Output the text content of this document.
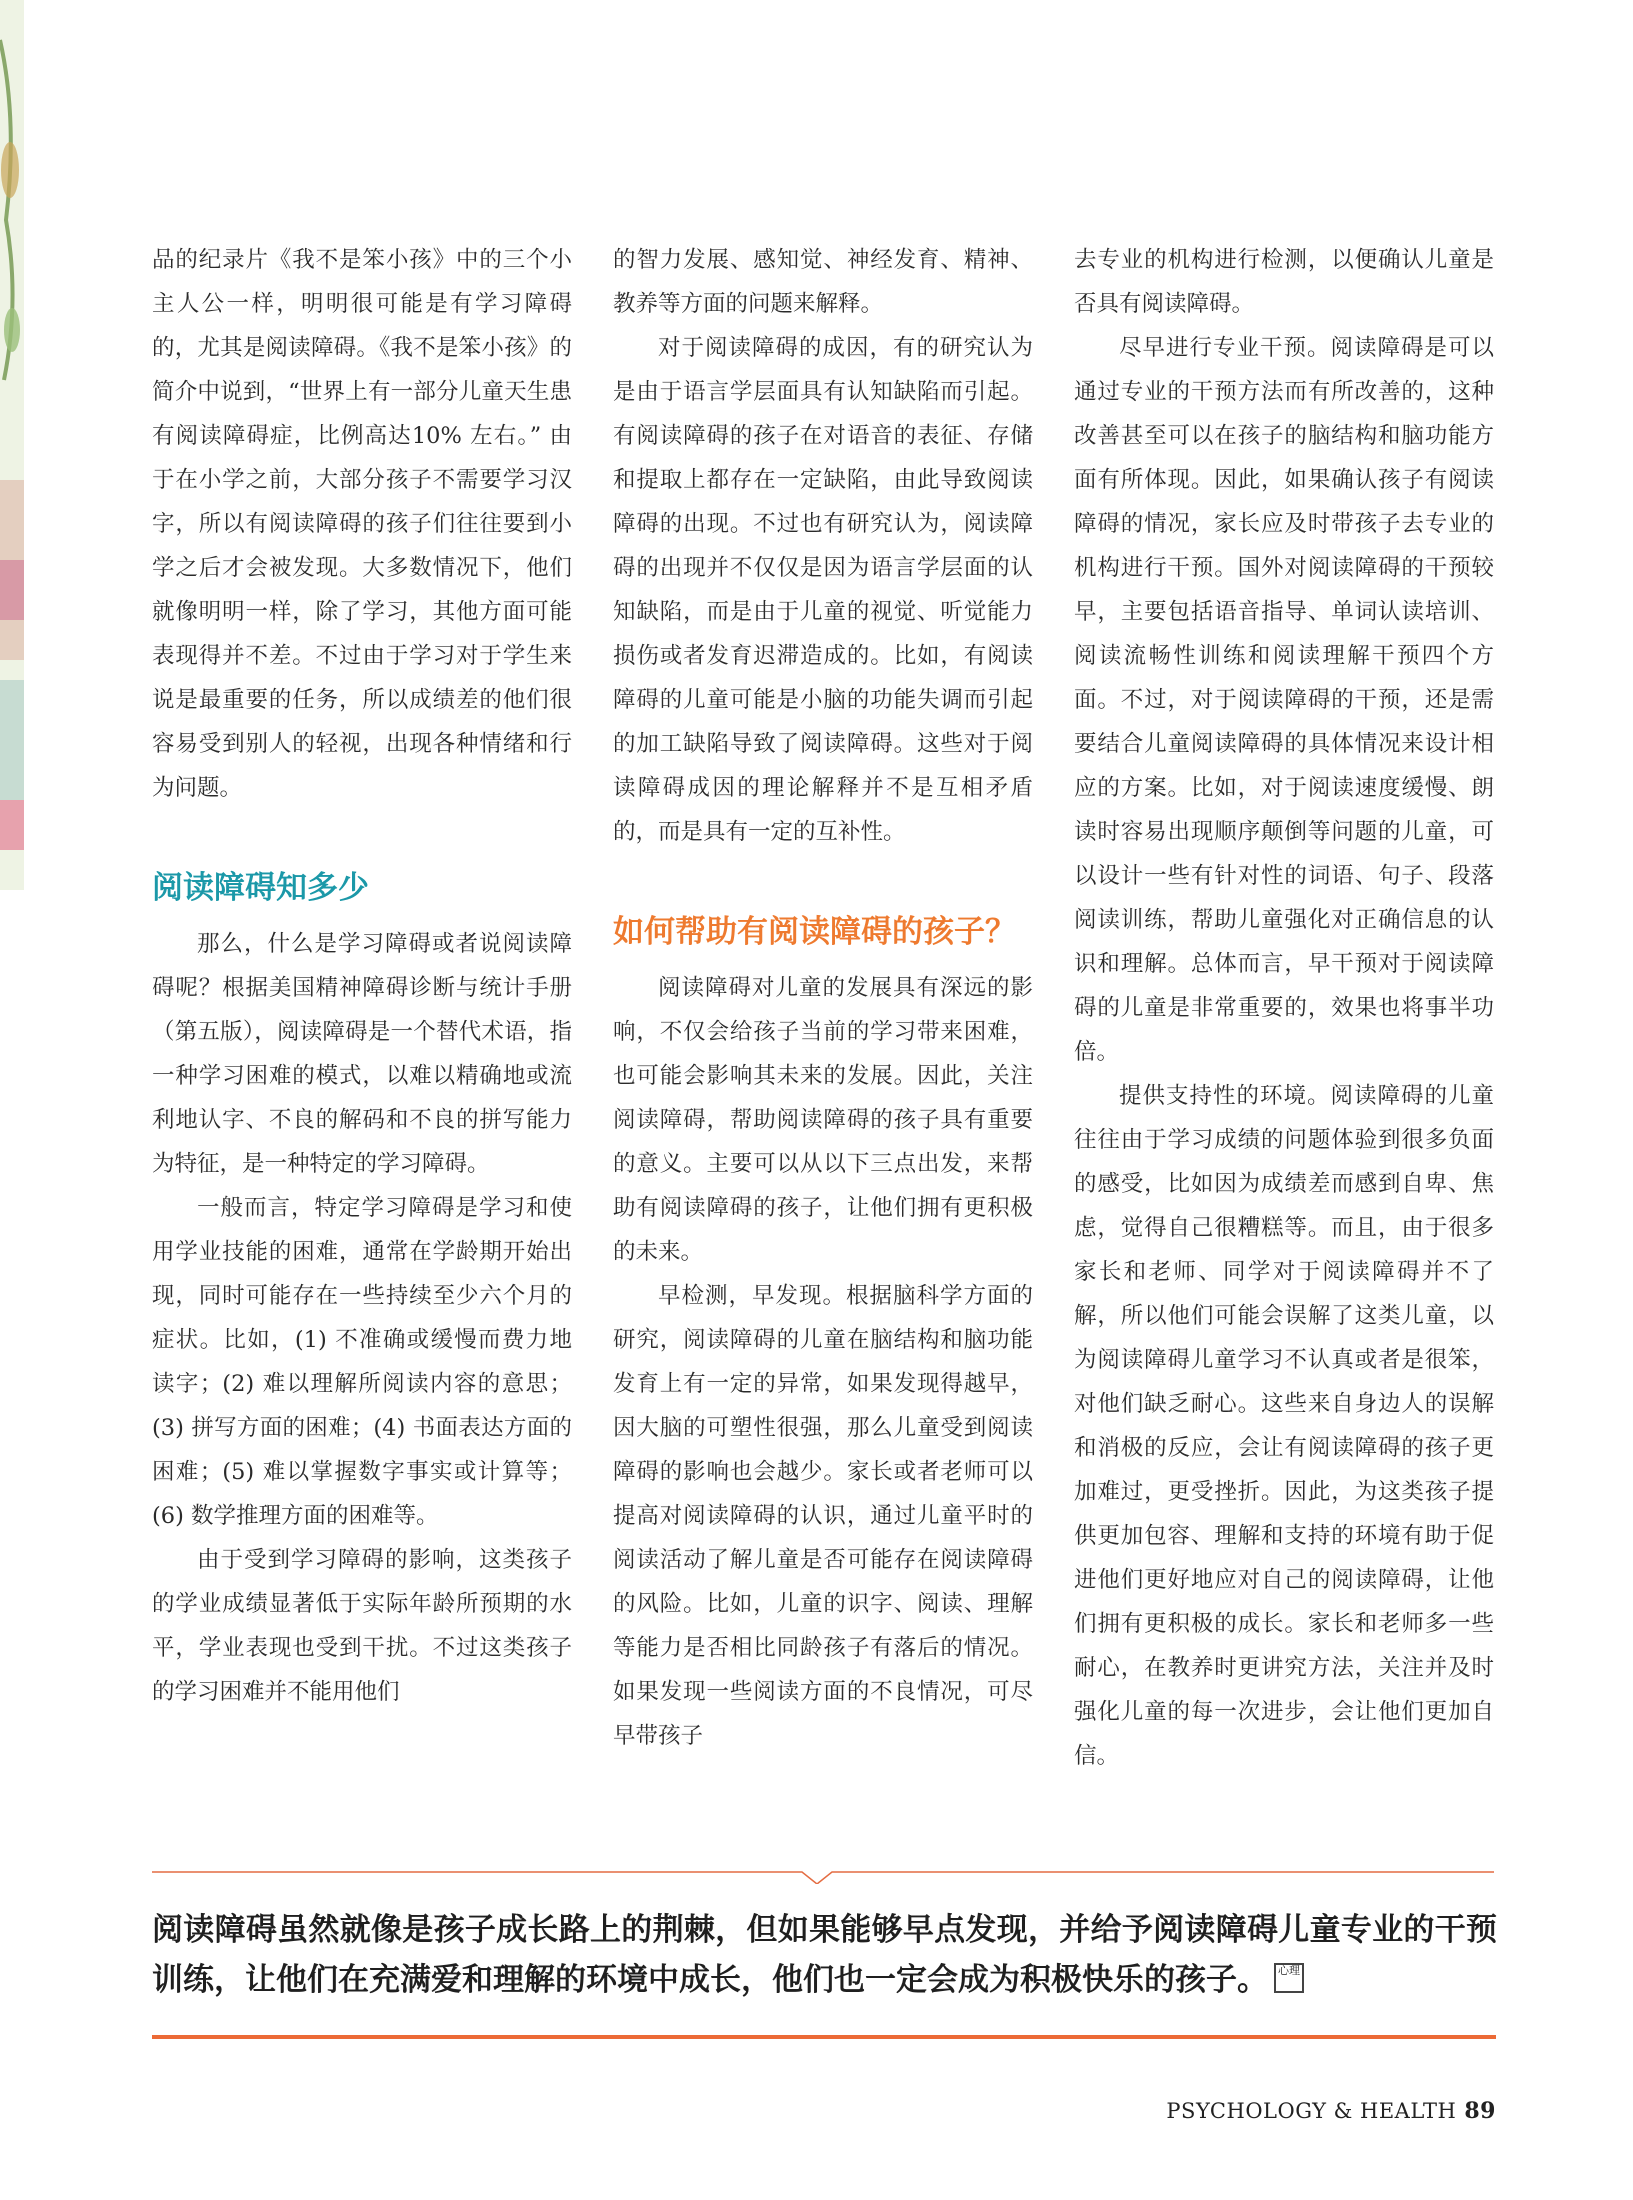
品的纪录片《我不是笨小孩》中的三个小主人公一样，明明很可能是有学习障碍的，尤其是阅读障碍。《我不是笨小孩》的简介中说到，“世界上有一部分儿童天生患有阅读障碍症，比例高达10% 左右。” 由于在小学之前，大部分孩子不需要学习汉字，所以有阅读障碍的孩子们往往要到小学之后才会被发现。大多数情况下，他们就像明明一样，除了学习，其他方面可能表现得并不差。不过由于学习对于学生来说是最重要的任务，所以成绩差的他们很容易受到别人的轻视，出现各种情绪和行为问题。

阅读障碍知多少

那么，什么是学习障碍或者说阅读障碍呢？根据美国精神障碍诊断与统计手册（第五版），阅读障碍是一个替代术语，指一种学习困难的模式，以难以精确地或流利地认字、不良的解码和不良的拼写能力为特征，是一种特定的学习障碍。

一般而言，特定学习障碍是学习和使用学业技能的困难，通常在学龄期开始出现，同时可能存在一些持续至少六个月的症状。比如，(1) 不准确或缓慢而费力地读字；(2) 难以理解所阅读内容的意思；(3) 拼写方面的困难；(4) 书面表达方面的困难；(5) 难以掌握数字事实或计算等；(6) 数学推理方面的困难等。

由于受到学习障碍的影响，这类孩子的学业成绩显著低于实际年龄所预期的水平，学业表现也受到干扰。不过这类孩子的学习困难并不能用他们

的智力发展、感知觉、神经发育、精神、教养等方面的问题来解释。

对于阅读障碍的成因，有的研究认为是由于语言学层面具有认知缺陷而引起。有阅读障碍的孩子在对语音的表征、存储和提取上都存在一定缺陷，由此导致阅读障碍的出现。不过也有研究认为，阅读障碍的出现并不仅仅是因为语言学层面的认知缺陷，而是由于儿童的视觉、听觉能力损伤或者发育迟滞造成的。比如，有阅读障碍的儿童可能是小脑的功能失调而引起的加工缺陷导致了阅读障碍。这些对于阅读障碍成因的理论解释并不是互相矛盾的，而是具有一定的互补性。

如何帮助有阅读障碍的孩子？

阅读障碍对儿童的发展具有深远的影响，不仅会给孩子当前的学习带来困难，也可能会影响其未来的发展。因此，关注阅读障碍，帮助阅读障碍的孩子具有重要的意义。主要可以从以下三点出发，来帮助有阅读障碍的孩子，让他们拥有更积极的未来。

早检测，早发现。根据脑科学方面的研究，阅读障碍的儿童在脑结构和脑功能发育上有一定的异常，如果发现得越早，因大脑的可塑性很强，那么儿童受到阅读障碍的影响也会越少。家长或者老师可以提高对阅读障碍的认识，通过儿童平时的阅读活动了解儿童是否可能存在阅读障碍的风险。比如，儿童的识字、阅读、理解等能力是否相比同龄孩子有落后的情况。如果发现一些阅读方面的不良情况，可尽早带孩子

去专业的机构进行检测，以便确认儿童是否具有阅读障碍。

尽早进行专业干预。阅读障碍是可以通过专业的干预方法而有所改善的，这种改善甚至可以在孩子的脑结构和脑功能方面有所体现。因此，如果确认孩子有阅读障碍的情况，家长应及时带孩子去专业的机构进行干预。国外对阅读障碍的干预较早，主要包括语音指导、单词认读培训、阅读流畅性训练和阅读理解干预四个方面。不过，对于阅读障碍的干预，还是需要结合儿童阅读障碍的具体情况来设计相应的方案。比如，对于阅读速度缓慢、朗读时容易出现顺序颠倒等问题的儿童，可以设计一些有针对性的词语、句子、段落阅读训练，帮助儿童强化对正确信息的认识和理解。总体而言，早干预对于阅读障碍的儿童是非常重要的，效果也将事半功倍。

提供支持性的环境。阅读障碍的儿童往往由于学习成绩的问题体验到很多负面的感受，比如因为成绩差而感到自卑、焦虑，觉得自己很糟糕等。而且，由于很多家长和老师、同学对于阅读障碍并不了解，所以他们可能会误解了这类儿童，以为阅读障碍儿童学习不认真或者是很笨，对他们缺乏耐心。这些来自身边人的误解和消极的反应，会让有阅读障碍的孩子更加难过，更受挫折。因此，为这类孩子提供更加包容、理解和支持的环境有助于促进他们更好地应对自己的阅读障碍，让他们拥有更积极的成长。家长和老师多一些耐心，在教养时更讲究方法，关注并及时强化儿童的每一次进步，会让他们更加自信。

阅读障碍虽然就像是孩子成长路上的荆棘，但如果能够早点发现，并给予阅读障碍儿童专业的干预训练，让他们在充满爱和理解的环境中成长，他们也一定会成为积极快乐的孩子。 心理
PSYCHOLOGY & HEALTH 89
